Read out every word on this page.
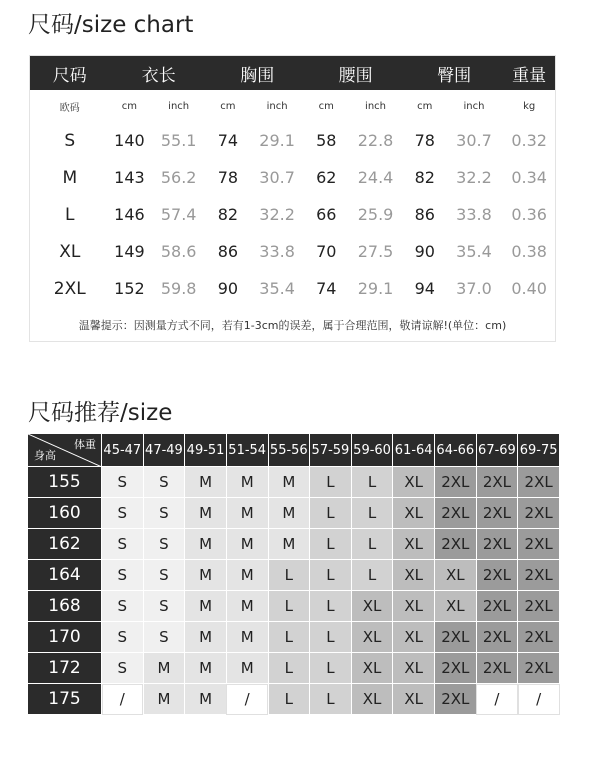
尺码/size chart
尺码	衣长	胸围	腰围	臀围	重量
欧码	cm	inch	cm	inch	cm	inch	cm	inch	kg
S	140	55.1	74	29.1	58	22.8	78	30.7	0.32
M	143	56.2	78	30.7	62	24.4	82	32.2	0.34
L	146	57.4	82	32.2	66	25.9	86	33.8	0.36
XL	149	58.6	86	33.8	70	27.5	90	35.4	0.38
2XL	152	59.8	90	35.4	74	29.1	94	37.0	0.40
温馨提示：因测量方式不同，若有1-3cm的误差，属于合理范围，敬请谅解!(单位：cm)
尺码推荐/size
体重
身高	45-47	47-49	49-51	51-54	55-56	57-59	59-60	61-64	64-66	67-69	69-75
155	S	S	M	M	M	L	L	XL	2XL	2XL	2XL
160	S	S	M	M	M	L	L	XL	2XL	2XL	2XL
162	S	S	M	M	M	L	L	XL	2XL	2XL	2XL
164	S	S	M	M	L	L	L	XL	XL	2XL	2XL
168	S	S	M	M	L	L	XL	XL	XL	2XL	2XL
170	S	S	M	M	L	L	XL	XL	2XL	2XL	2XL
172	S	M	M	M	L	L	XL	XL	2XL	2XL	2XL
175	/	M	M	/	L	L	XL	XL	2XL	/	/
